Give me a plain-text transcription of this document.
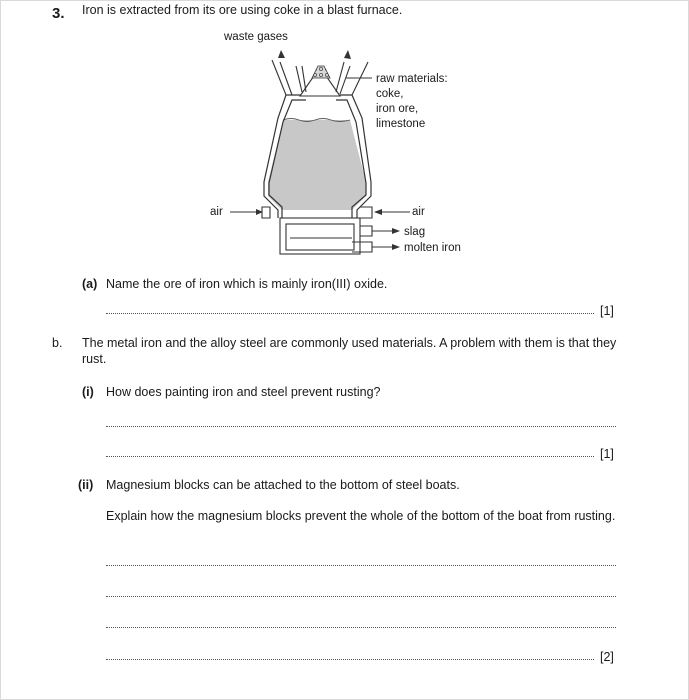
3. Iron is extracted from its ore using coke in a blast furnace.
waste gases
raw materials:
coke,
iron ore,
limestone
air	air
slag
molten iron
(a) Name the ore of iron which is mainly iron(III) oxide.
[1]
b. The metal iron and the alloy steel are commonly used materials. A problem with them is that they rust.
(i) How does painting iron and steel prevent rusting?
[1]
(ii) Magnesium blocks can be attached to the bottom of steel boats.
Explain how the magnesium blocks prevent the whole of the bottom of the boat from rusting.
[2]
